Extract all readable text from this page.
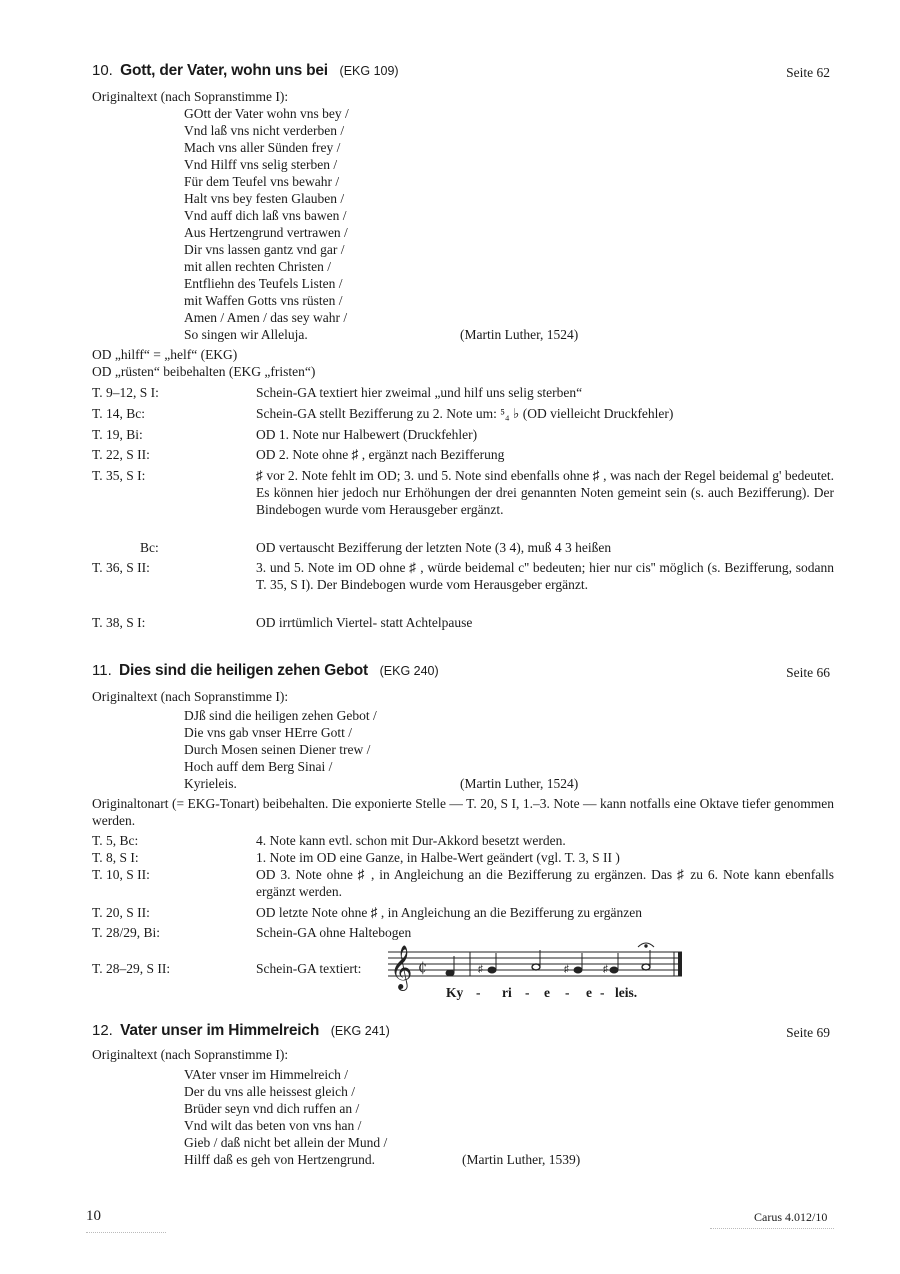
10. Gott, der Vater, wohn uns bei (EKG 109)	Seite 62
Originaltext (nach Sopranstimme I):
GOtt der Vater wohn vns bey /
Vnd laß vns nicht verderben /
Mach vns aller Sünden frey /
Vnd Hilff vns selig sterben /
Für dem Teufel vns bewahr /
Halt vns bey festen Glauben /
Vnd auff dich laß vns bawen /
Aus Hertzengrund vertrawen /
Dir vns lassen gantz vnd gar /
mit allen rechten Christen /
Entfliehn des Teufels Listen /
mit Waffen Gotts vns rüsten /
Amen / Amen / das sey wahr /
So singen wir Alleluja.	(Martin Luther, 1524)
OD „hilff“ = „helf“ (EKG)
OD „rüsten“ beibehalten (EKG „fristen“)
T. 9–12, S I:	Schein-GA textiert hier zweimal „und hilf uns selig sterben“
T. 14, Bc:	Schein-GA stellt Bezifferung zu 2. Note um: ⁵₄ ♭ (OD vielleicht Druckfehler)
T. 19, Bi:	OD 1. Note nur Halbewert (Druckfehler)
T. 22, S II:	OD 2. Note ohne ♯ , ergänzt nach Bezifferung
T. 35, S I:	♯ vor 2. Note fehlt im OD; 3. und 5. Note sind ebenfalls ohne ♯ , was nach der Regel beidemal g' bedeutet. Es können hier jedoch nur Erhöhungen der drei genannten Noten gemeint sein (s. auch Bezifferung). Der Bindebogen wurde vom Herausgeber ergänzt.
Bc:	OD vertauscht Bezifferung der letzten Note (3 4), muß 4 3 heißen
T. 36, S II:	3. und 5. Note im OD ohne ♯ , würde beidemal c'' bedeuten; hier nur cis'' möglich (s. Bezifferung, sodann T. 35, S I). Der Bindebogen wurde vom Herausgeber ergänzt.
T. 38, S I:	OD irrtümlich Viertel- statt Achtelpause
11. Dies sind die heiligen zehen Gebot (EKG 240)	Seite 66
Originaltext (nach Sopranstimme I):
DJß sind die heiligen zehen Gebot /
Die vns gab vnser HErre Gott /
Durch Mosen seinen Diener trew /
Hoch auff dem Berg Sinai /
Kyrieleis.	(Martin Luther, 1524)
Originaltonart (= EKG-Tonart) beibehalten. Die exponierte Stelle — T. 20, S I, 1.–3. Note — kann notfalls eine Oktave tiefer genommen werden.
T. 5, Bc:	4. Note kann evtl. schon mit Dur-Akkord besetzt werden.
T. 8, S I:	1. Note im OD eine Ganze, in Halbe-Wert geändert (vgl. T. 3, S II )
T. 10, S II:	OD 3. Note ohne ♯ , in Angleichung an die Bezifferung zu ergänzen. Das ♯ zu 6. Note kann ebenfalls ergänzt werden.
T. 20, S II:	OD letzte Note ohne ♯ , in Angleichung an die Bezifferung zu ergänzen
T. 28/29, Bi:	Schein-GA ohne Haltebogen
T. 28–29, S II:	Schein-GA textiert: 𝄞 ₵	♯	♯	♯
Ky - ri - e - e - leis.
12. Vater unser im Himmelreich (EKG 241)	Seite 69
Originaltext (nach Sopranstimme I):
VAter vnser im Himmelreich /
Der du vns alle heissest gleich /
Brüder seyn vnd dich ruffen an /
Vnd wilt das beten von vns han /
Gieb / daß nicht bet allein der Mund /
Hilff daß es geh von Hertzengrund.	(Martin Luther, 1539)
10	Carus 4.012/10
